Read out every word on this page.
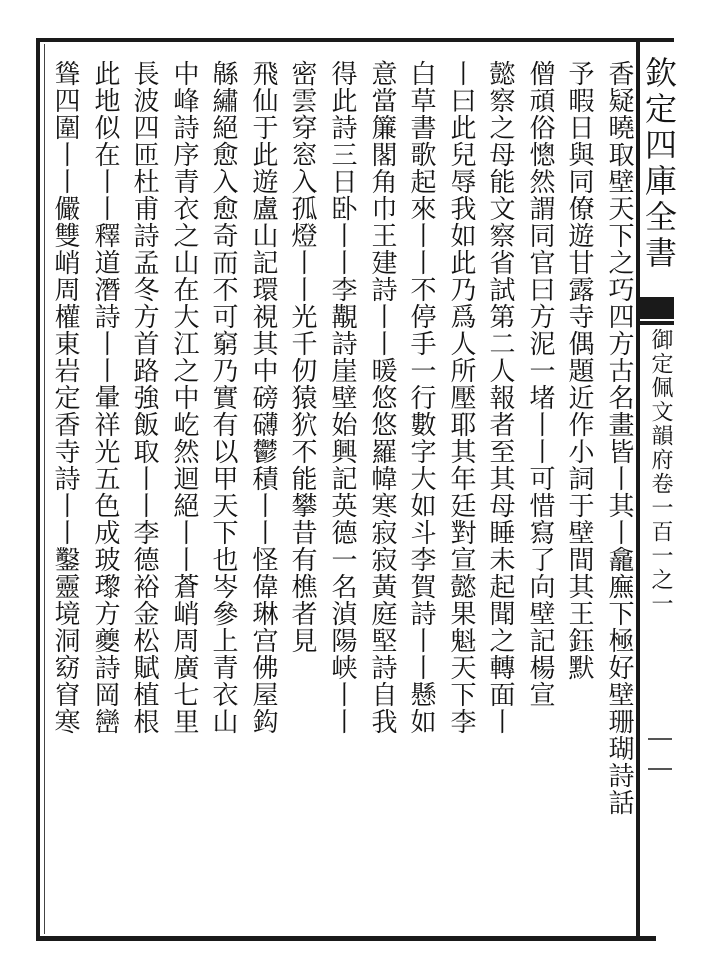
欽定四庫全書
御定佩文韻府卷一百一之一
香疑曉取壁天下之巧四方古名畫皆丨其丨龕廡下極好壁珊瑚詩話
予暇日與同僚遊甘露寺偶題近作小詞于壁間其王鈺默
僧頑俗憁然謂同官曰方泥一堵丨丨可惜寫了向壁記楊宣
懿察之母能文察省試第二人報者至其母睡未起聞之轉面丨
丨曰此兒辱我如此乃爲人所壓耶其年廷對宣懿果魁天下李
白草書歌起來丨丨不停手一行數字大如斗李賀詩丨丨懸如
意當簾閣角巾王建詩丨丨暖悠悠羅幃寒寂寂黃庭堅詩自我
得此詩三日卧丨丨李覯詩崖壁始興記英德一名湞陽峡丨丨
密雲穿窓入孤燈丨丨光千仞猿狖不能攀昔有樵者見
飛仙于此遊盧山記環視其中磅礴鬱積丨丨怪偉琳宫佛屋鈎
緜繡絕愈入愈奇而不可窮乃實有以甲天下也岑參上青衣山
中峰詩序青衣之山在大江之中屹然迴絕丨丨蒼峭周廣七里
長波四匝杜甫詩孟冬方首路強飯取丨丨李德裕金松賦植根
此地似在丨丨釋道潛詩丨丨暈祥光五色成玻瓈方夔詩岡巒
聳四圍丨丨儼雙峭周權東岩定香寺詩丨丨鑿靈境洞窈窅寒
